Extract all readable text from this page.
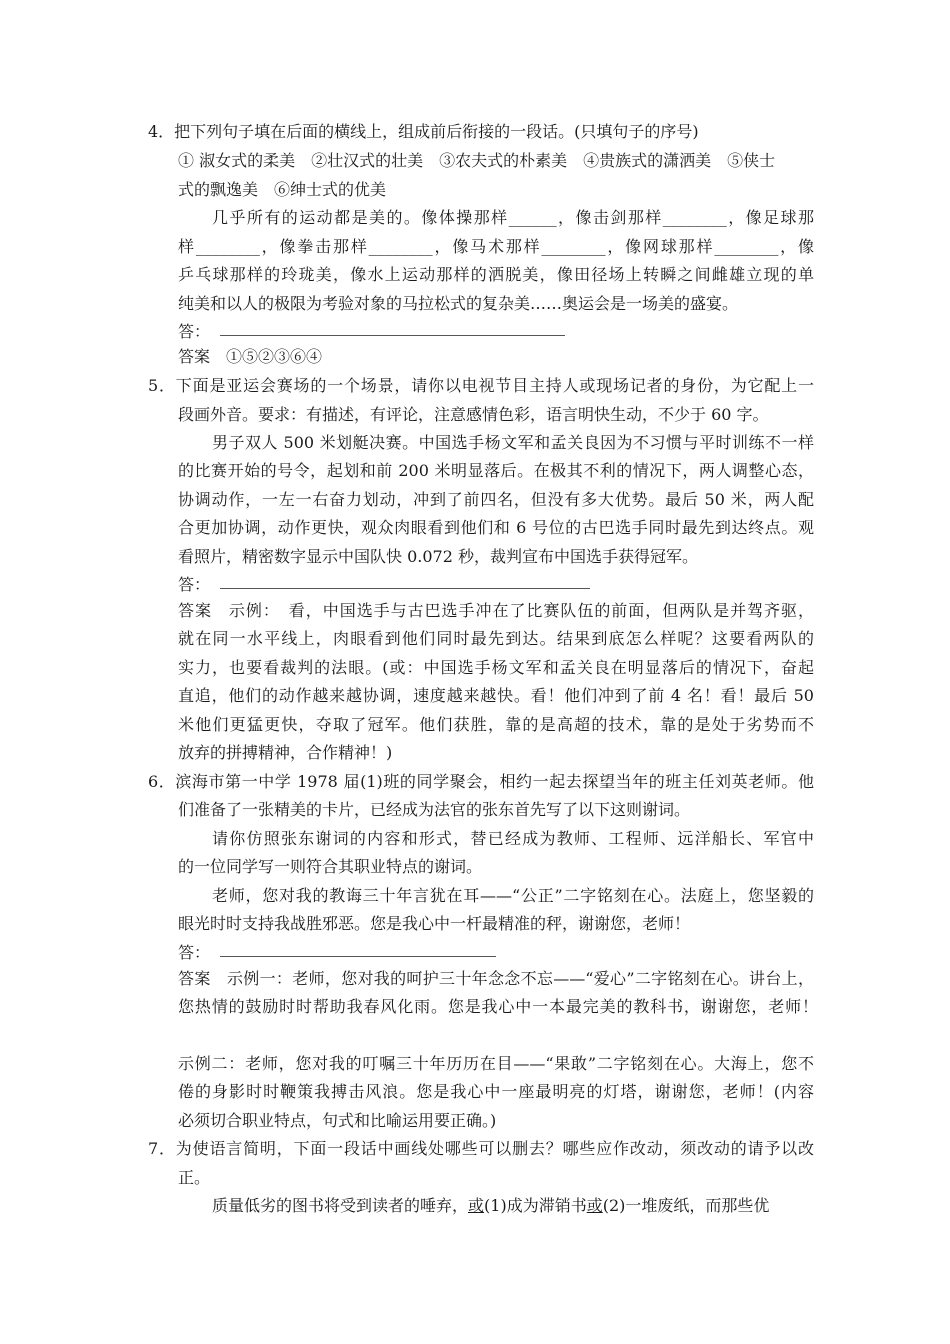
4．把下列句子填在后面的横线上，组成前后衔接的一段话。(只填句子的序号)
① 淑女式的柔美　②壮汉式的壮美　③农夫式的朴素美　④贵族式的潇洒美　⑤侠士
式的飘逸美　⑥绅士式的优美
几乎所有的运动都是美的。像体操那样______，像击剑那样________，像足球那
样________，像拳击那样________，像马术那样________，像网球那样________，像
乒乓球那样的玲珑美，像水上运动那样的洒脱美，像田径场上转瞬之间雌雄立现的单
纯美和以人的极限为考验对象的马拉松式的复杂美……奥运会是一场美的盛宴。
答：
答案　①⑤②③⑥④
5．下面是亚运会赛场的一个场景，请你以电视节目主持人或现场记者的身份，为它配上一
段画外音。要求：有描述，有评论，注意感情色彩，语言明快生动，不少于 60 字。
男子双人 500 米划艇决赛。中国选手杨文军和孟关良因为不习惯与平时训练不一样
的比赛开始的号令，起划和前 200 米明显落后。在极其不利的情况下，两人调整心态，
协调动作，一左一右奋力划动，冲到了前四名，但没有多大优势。最后 50 米，两人配
合更加协调，动作更快，观众肉眼看到他们和 6 号位的古巴选手同时最先到达终点。观
看照片，精密数字显示中国队快 0.072 秒，裁判宣布中国选手获得冠军。
答：
答案　示例：　看，中国选手与古巴选手冲在了比赛队伍的前面，但两队是并驾齐驱，
就在同一水平线上，肉眼看到他们同时最先到达。结果到底怎么样呢？这要看两队的
实力，也要看裁判的法眼。(或：中国选手杨文军和孟关良在明显落后的情况下，奋起
直追，他们的动作越来越协调，速度越来越快。看！他们冲到了前 4 名！看！最后 50
米他们更猛更快，夺取了冠军。他们获胜，靠的是高超的技术，靠的是处于劣势而不
放弃的拼搏精神，合作精神！)
6．滨海市第一中学 1978 届(1)班的同学聚会，相约一起去探望当年的班主任刘英老师。他
们准备了一张精美的卡片，已经成为法官的张东首先写了以下这则谢词。
请你仿照张东谢词的内容和形式，替已经成为教师、工程师、远洋船长、军官中
的一位同学写一则符合其职业特点的谢词。
老师，您对我的教诲三十年言犹在耳——“公正”二字铭刻在心。法庭上，您坚毅的
眼光时时支持我战胜邪恶。您是我心中一杆最精准的秤，谢谢您，老师！
答：
答案　示例一：老师，您对我的呵护三十年念念不忘——“爱心”二字铭刻在心。讲台上，
您热情的鼓励时时帮助我春风化雨。您是我心中一本最完美的教科书，谢谢您，老师！
示例二：老师，您对我的叮嘱三十年历历在目——“果敢”二字铭刻在心。大海上，您不
倦的身影时时鞭策我搏击风浪。您是我心中一座最明亮的灯塔，谢谢您，老师！(内容
必须切合职业特点，句式和比喻运用要正确。)
7．为使语言简明，下面一段话中画线处哪些可以删去？哪些应作改动，须改动的请予以改
正。
质量低劣的图书将受到读者的唾弃，或(1)成为滞销书或(2)一堆废纸，而那些优
